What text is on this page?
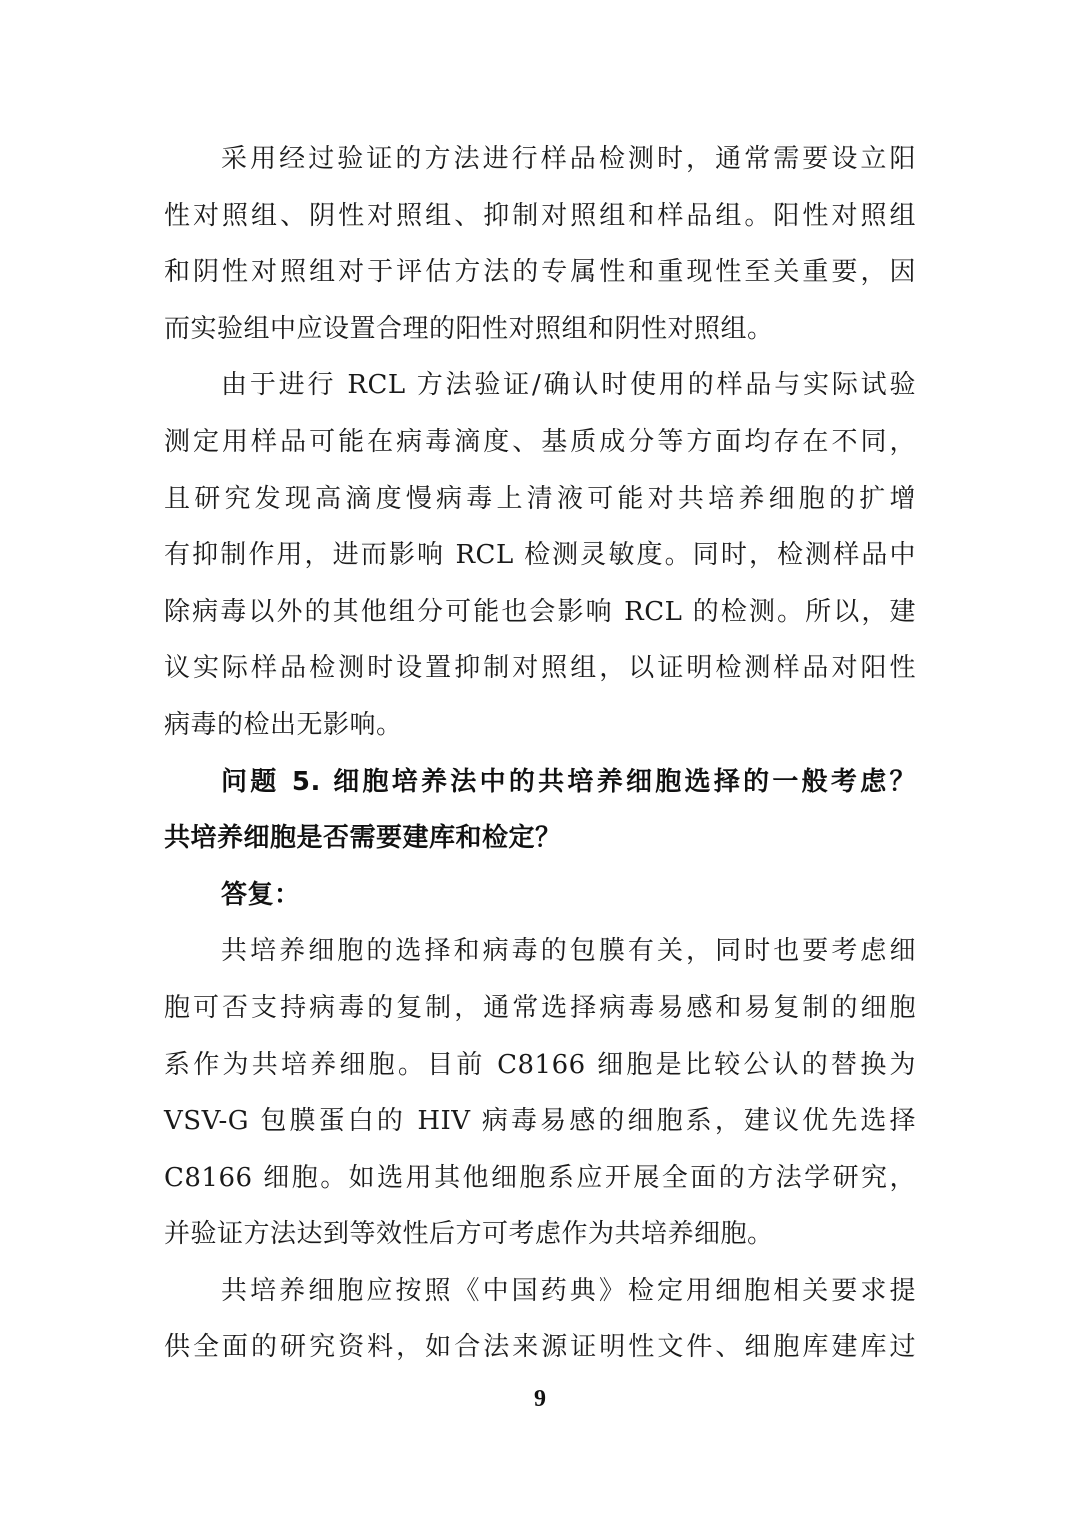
采用经过验证的方法进行样品检测时，通常需要设立阳
性对照组、阴性对照组、抑制对照组和样品组。阳性对照组
和阴性对照组对于评估方法的专属性和重现性至关重要，因
而实验组中应设置合理的阳性对照组和阴性对照组。
由于进行 RCL 方法验证/确认时使用的样品与实际试验
测定用样品可能在病毒滴度、基质成分等方面均存在不同，
且研究发现高滴度慢病毒上清液可能对共培养细胞的扩增
有抑制作用，进而影响 RCL 检测灵敏度。同时，检测样品中
除病毒以外的其他组分可能也会影响 RCL 的检测。所以，建
议实际样品检测时设置抑制对照组，以证明检测样品对阳性
病毒的检出无影响。
问题 5. 细胞培养法中的共培养细胞选择的一般考虑？
共培养细胞是否需要建库和检定？
答复：
共培养细胞的选择和病毒的包膜有关，同时也要考虑细
胞可否支持病毒的复制，通常选择病毒易感和易复制的细胞
系作为共培养细胞。目前 C8166 细胞是比较公认的替换为
VSV-G 包膜蛋白的 HIV 病毒易感的细胞系，建议优先选择
C8166 细胞。如选用其他细胞系应开展全面的方法学研究，
并验证方法达到等效性后方可考虑作为共培养细胞。
共培养细胞应按照《中国药典》检定用细胞相关要求提
供全面的研究资料，如合法来源证明性文件、细胞库建库过
9
